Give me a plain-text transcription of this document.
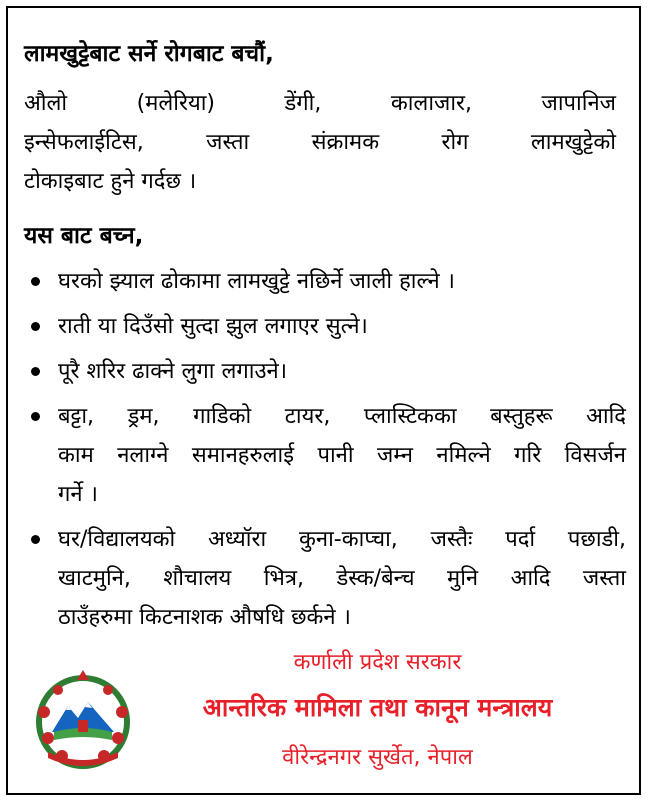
लामखुट्टेबाट सर्ने रोगबाट बचौं,
औलो (मलेरिया) डेंगी, कालाजार, जापानिज
इन्सेफलाईटिस, जस्ता संक्रामक रोग लामखुट्टेको
टोकाइबाट हुने गर्दछ ।
यस बाट बच्न,
घरको झ्याल ढोकामा लामखुट्टे नछिर्ने जाली हाल्ने ।
राती या दिउँसो सुत्दा झुल लगाएर सुत्ने।
पूरै शरिर ढाक्ने लुगा लगाउने।
बट्टा, ड्रम, गाडिको टायर, प्लास्टिकका बस्तुहरू आदि
काम नलाग्ने समानहरुलाई पानी जम्न नमिल्ने गरि विसर्जन
गर्ने ।
घर/विद्यालयको अध्यॉरा कुना-काप्चा, जस्तैः पर्दा पछाडी,
खाटमुनि, शौचालय भित्र, डेस्क/बेन्च मुनि आदि जस्ता
ठाउँहरुमा किटनाशक औषधि छर्कने ।
कर्णाली प्रदेश सरकार
आन्तरिक मामिला तथा कानून मन्त्रालय
वीरेन्द्रनगर सुर्खेत, नेपाल
